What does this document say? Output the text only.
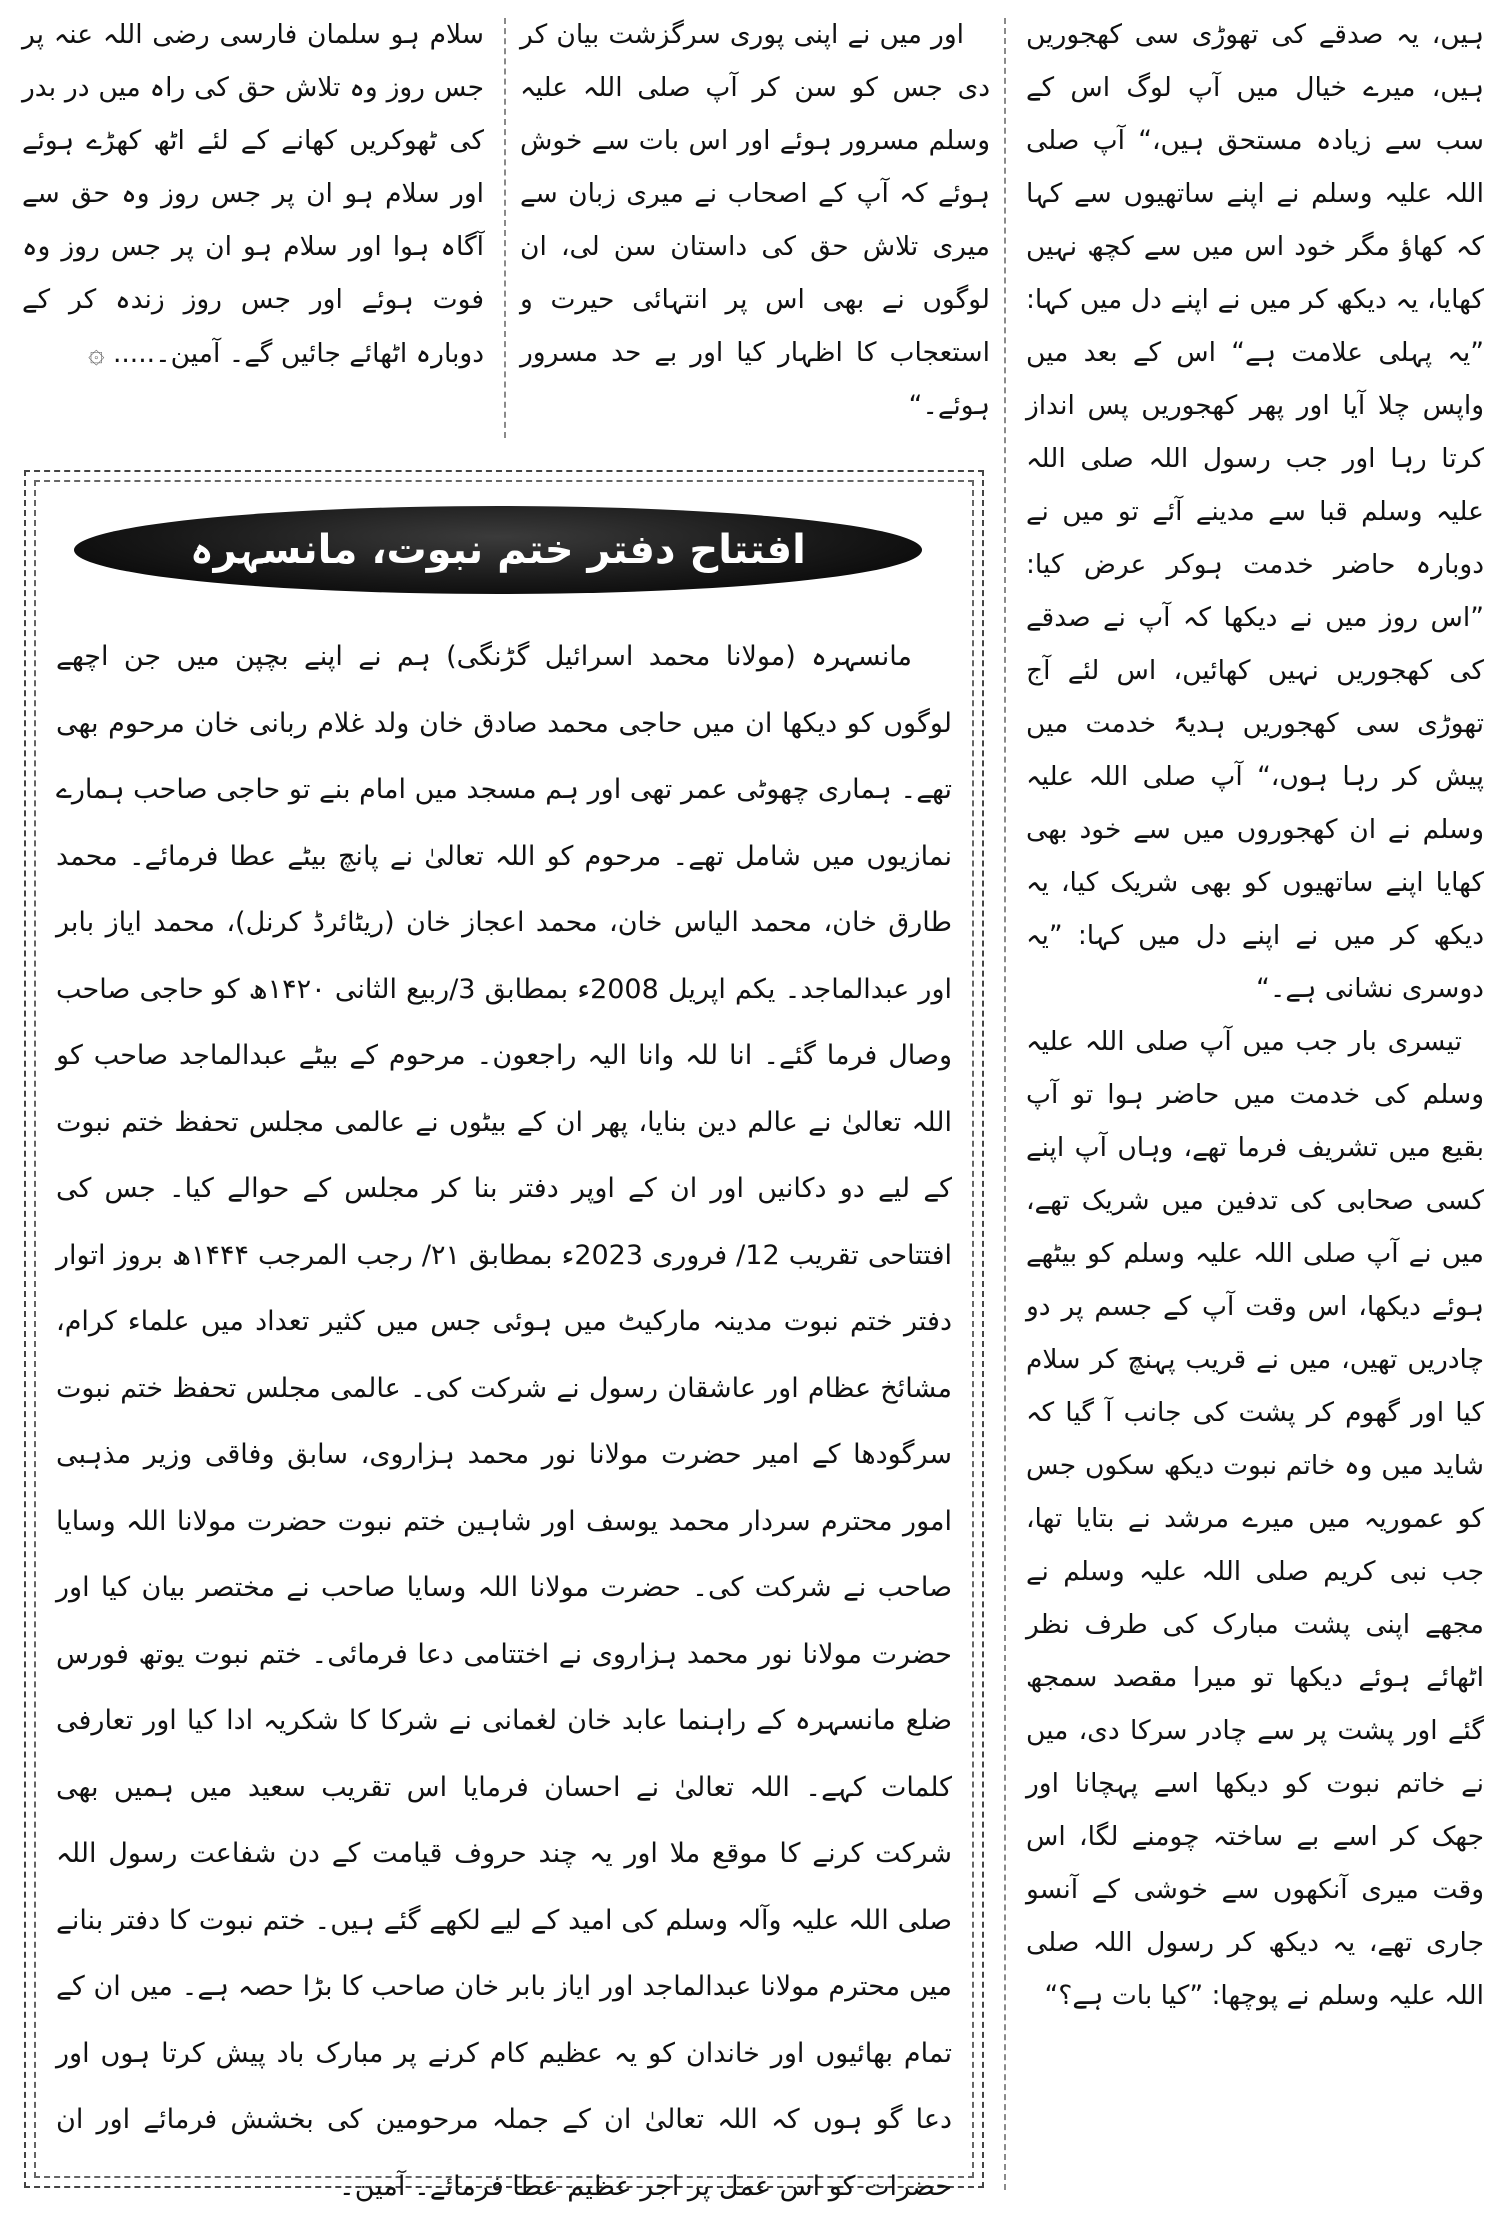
ہیں، یہ صدقے کی تھوڑی سی کھجوریں ہیں، میرے خیال میں آپ لوگ اس کے سب سے زیادہ مستحق ہیں،“ آپ صلی اللہ علیہ وسلم نے اپنے ساتھیوں سے کہا کہ کھاؤ مگر خود اس میں سے کچھ نہیں کھایا، یہ دیکھ کر میں نے اپنے دل میں کہا: ”یہ پہلی علامت ہے“ اس کے بعد میں واپس چلا آیا اور پھر کھجوریں پس انداز کرتا رہا اور جب رسول اللہ صلی اللہ علیہ وسلم قبا سے مدینے آئے تو میں نے دوبارہ حاضر خدمت ہوکر عرض کیا: ”اس روز میں نے دیکھا کہ آپ نے صدقے کی کھجوریں نہیں کھائیں، اس لئے آج تھوڑی سی کھجوریں ہدیۃً خدمت میں پیش کر رہا ہوں،“ آپ صلی اللہ علیہ وسلم نے ان کھجوروں میں سے خود بھی کھایا اپنے ساتھیوں کو بھی شریک کیا، یہ دیکھ کر میں نے اپنے دل میں کہا: ”یہ دوسری نشانی ہے۔“

تیسری بار جب میں آپ صلی اللہ علیہ وسلم کی خدمت میں حاضر ہوا تو آپ بقیع میں تشریف فرما تھے، وہاں آپ اپنے کسی صحابی کی تدفین میں شریک تھے، میں نے آپ صلی اللہ علیہ وسلم کو بیٹھے ہوئے دیکھا، اس وقت آپ کے جسم پر دو چادریں تھیں، میں نے قریب پہنچ کر سلام کیا اور گھوم کر پشت کی جانب آ گیا کہ شاید میں وہ خاتم نبوت دیکھ سکوں جس کو عموریہ میں میرے مرشد نے بتایا تھا، جب نبی کریم صلی اللہ علیہ وسلم نے مجھے اپنی پشت مبارک کی طرف نظر اٹھائے ہوئے دیکھا تو میرا مقصد سمجھ گئے اور پشت پر سے چادر سرکا دی، میں نے خاتم نبوت کو دیکھا اسے پہچانا اور جھک کر اسے بے ساختہ چومنے لگا، اس وقت میری آنکھوں سے خوشی کے آنسو جاری تھے، یہ دیکھ کر رسول اللہ صلی اللہ علیہ وسلم نے پوچھا: ”کیا بات ہے؟“

اور میں نے اپنی پوری سرگزشت بیان کر دی جس کو سن کر آپ صلی اللہ علیہ وسلم مسرور ہوئے اور اس بات سے خوش ہوئے کہ آپ کے اصحاب نے میری زبان سے میری تلاش حق کی داستان سن لی، ان لوگوں نے بھی اس پر انتہائی حیرت و استعجاب کا اظہار کیا اور بے حد مسرور ہوئے۔“

سلام ہو سلمان فارسی رضی اللہ عنہ پر جس روز وہ تلاش حق کی راہ میں در بدر کی ٹھوکریں کھانے کے لئے اٹھ کھڑے ہوئے اور سلام ہو ان پر جس روز وہ حق سے آگاہ ہوا اور سلام ہو ان پر جس روز وہ فوت ہوئے اور جس روز زندہ کر کے دوبارہ اٹھائے جائیں گے۔ آمین۔..... ۞

افتتاح دفتر ختم نبوت، مانسہرہ

مانسہرہ (مولانا محمد اسرائیل گڑنگی) ہم نے اپنے بچپن میں جن اچھے لوگوں کو دیکھا ان میں حاجی محمد صادق خان ولد غلام ربانی خان مرحوم بھی تھے۔ ہماری چھوٹی عمر تھی اور ہم مسجد میں امام بنے تو حاجی صاحب ہمارے نمازیوں میں شامل تھے۔ مرحوم کو اللہ تعالیٰ نے پانچ بیٹے عطا فرمائے۔ محمد طارق خان، محمد الیاس خان، محمد اعجاز خان (ریٹائرڈ کرنل)، محمد ایاز بابر اور عبدالماجد۔ یکم اپریل 2008ء بمطابق 3/ربیع الثانی ۱۴۲۰ھ کو حاجی صاحب وصال فرما گئے۔ انا للہ وانا الیہ راجعون۔ مرحوم کے بیٹے عبدالماجد صاحب کو اللہ تعالیٰ نے عالم دین بنایا، پھر ان کے بیٹوں نے عالمی مجلس تحفظ ختم نبوت کے لیے دو دکانیں اور ان کے اوپر دفتر بنا کر مجلس کے حوالے کیا۔ جس کی افتتاحی تقریب 12/ فروری 2023ء بمطابق ۲۱/ رجب المرجب ۱۴۴۴ھ بروز اتوار دفتر ختم نبوت مدینہ مارکیٹ میں ہوئی جس میں کثیر تعداد میں علماء کرام، مشائخ عظام اور عاشقان رسول نے شرکت کی۔ عالمی مجلس تحفظ ختم نبوت سرگودھا کے امیر حضرت مولانا نور محمد ہزاروی، سابق وفاقی وزیر مذہبی امور محترم سردار محمد یوسف اور شاہین ختم نبوت حضرت مولانا اللہ وسایا صاحب نے شرکت کی۔ حضرت مولانا اللہ وسایا صاحب نے مختصر بیان کیا اور حضرت مولانا نور محمد ہزاروی نے اختتامی دعا فرمائی۔ ختم نبوت یوتھ فورس ضلع مانسہرہ کے راہنما عابد خان لغمانی نے شرکا کا شکریہ ادا کیا اور تعارفی کلمات کہے۔ اللہ تعالیٰ نے احسان فرمایا اس تقریب سعید میں ہمیں بھی شرکت کرنے کا موقع ملا اور یہ چند حروف قیامت کے دن شفاعت رسول اللہ صلی اللہ علیہ وآلہ وسلم کی امید کے لیے لکھے گئے ہیں۔ ختم نبوت کا دفتر بنانے میں محترم مولانا عبدالماجد اور ایاز بابر خان صاحب کا بڑا حصہ ہے۔ میں ان کے تمام بھائیوں اور خاندان کو یہ عظیم کام کرنے پر مبارک باد پیش کرتا ہوں اور دعا گو ہوں کہ اللہ تعالیٰ ان کے جملہ مرحومین کی بخشش فرمائے اور ان حضرات کو اس عمل پر اجر عظیم عطا فرمائے۔ آمین۔
